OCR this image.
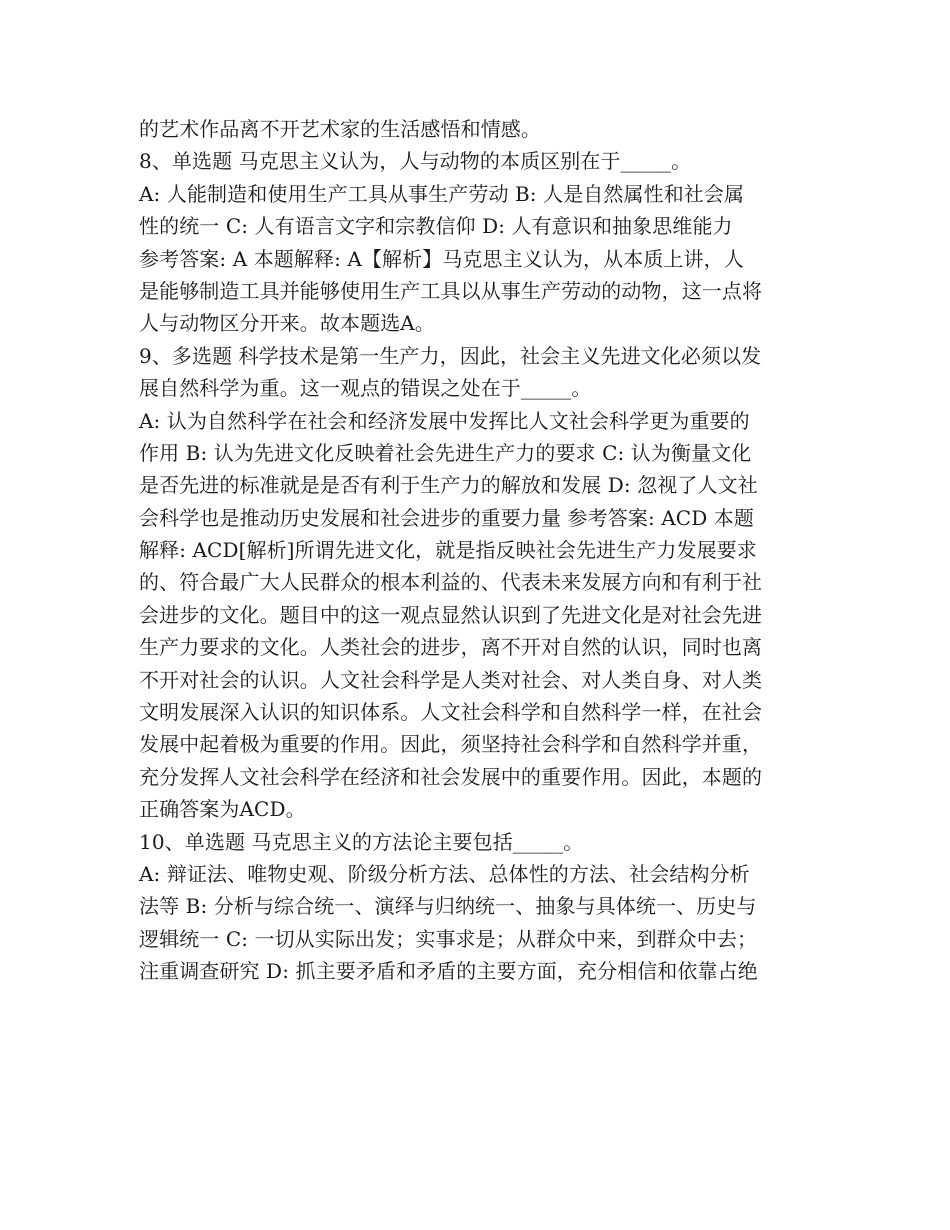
的艺术作品离不开艺术家的生活感悟和情感。
8、单选题 马克思主义认为，人与动物的本质区别在于_____。
A: 人能制造和使用生产工具从事生产劳动 B: 人是自然属性和社会属
性的统一 C: 人有语言文字和宗教信仰 D: 人有意识和抽象思维能力
参考答案: A 本题解释: A【解析】马克思主义认为，从本质上讲，人
是能够制造工具并能够使用生产工具以从事生产劳动的动物，这一点将
人与动物区分开来。故本题选A。
9、多选题 科学技术是第一生产力，因此，社会主义先进文化必须以发
展自然科学为重。这一观点的错误之处在于_____。
A: 认为自然科学在社会和经济发展中发挥比人文社会科学更为重要的
作用 B: 认为先进文化反映着社会先进生产力的要求 C: 认为衡量文化
是否先进的标准就是是否有利于生产力的解放和发展 D: 忽视了人文社
会科学也是推动历史发展和社会进步的重要力量 参考答案: ACD 本题
解释: ACD[解析]所谓先进文化，就是指反映社会先进生产力发展要求
的、符合最广大人民群众的根本利益的、代表未来发展方向和有利于社
会进步的文化。题目中的这一观点显然认识到了先进文化是对社会先进
生产力要求的文化。人类社会的进步，离不开对自然的认识，同时也离
不开对社会的认识。人文社会科学是人类对社会、对人类自身、对人类
文明发展深入认识的知识体系。人文社会科学和自然科学一样，在社会
发展中起着极为重要的作用。因此，须坚持社会科学和自然科学并重，
充分发挥人文社会科学在经济和社会发展中的重要作用。因此，本题的
正确答案为ACD。
10、单选题 马克思主义的方法论主要包括_____。
A: 辩证法、唯物史观、阶级分析方法、总体性的方法、社会结构分析
法等 B: 分析与综合统一、演绎与归纳统一、抽象与具体统一、历史与
逻辑统一 C: 一切从实际出发；实事求是；从群众中来，到群众中去；
注重调查研究 D: 抓主要矛盾和矛盾的主要方面，充分相信和依靠占绝
